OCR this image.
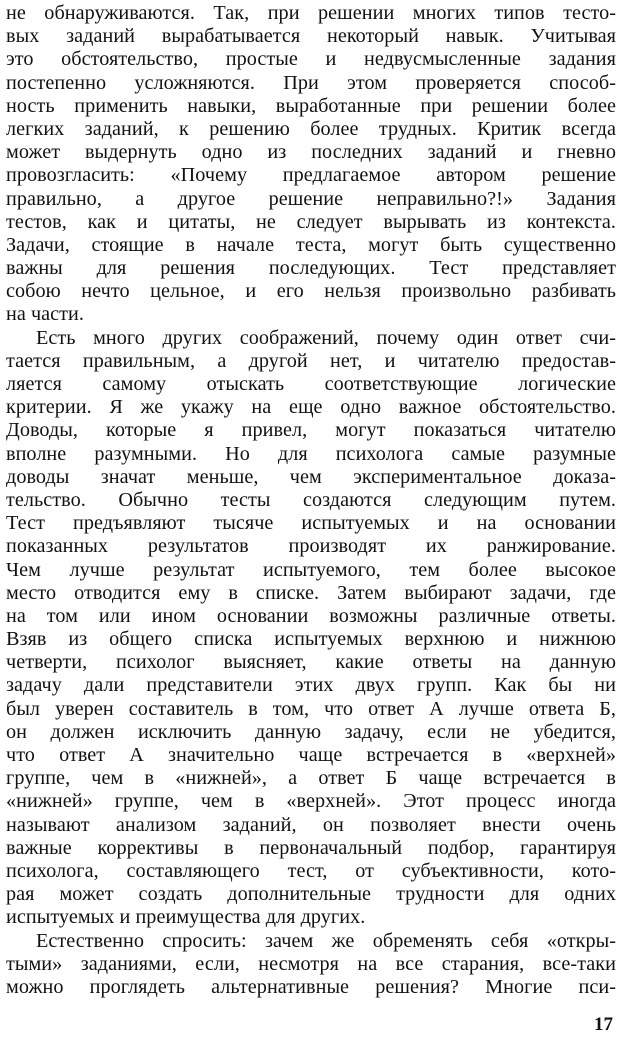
не обнаруживаются. Так, при решении многих типов тесто-
вых заданий вырабатывается некоторый навык. Учитывая
это обстоятельство, простые и недвусмысленные задания
постепенно усложняются. При этом проверяется способ-
ность применить навыки, выработанные при решении более
легких заданий, к решению более трудных. Критик всегда
может выдернуть одно из последних заданий и гневно
провозгласить: «Почему предлагаемое автором решение
правильно, а другое решение неправильно?!» Задания
тестов, как и цитаты, не следует вырывать из контекста.
Задачи, стоящие в начале теста, могут быть существенно
важны для решения последующих. Тест представляет
собою нечто цельное, и его нельзя произвольно разбивать
на части.
Есть много других соображений, почему один ответ счи-
тается правильным, а другой нет, и читателю предостав-
ляется самому отыскать соответствующие логические
критерии. Я же укажу на еще одно важное обстоятельство.
Доводы, которые я привел, могут показаться читателю
вполне разумными. Но для психолога самые разумные
доводы значат меньше, чем экспериментальное доказа-
тельство. Обычно тесты создаются следующим путем.
Тест предъявляют тысяче испытуемых и на основании
показанных результатов производят их ранжирование.
Чем лучше результат испытуемого, тем более высокое
место отводится ему в списке. Затем выбирают задачи, где
на том или ином основании возможны различные ответы.
Взяв из общего списка испытуемых верхнюю и нижнюю
четверти, психолог выясняет, какие ответы на данную
задачу дали представители этих двух групп. Как бы ни
был уверен составитель в том, что ответ А лучше ответа Б,
он должен исключить данную задачу, если не убедится,
что ответ А значительно чаще встречается в «верхней»
группе, чем в «нижней», а ответ Б чаще встречается в
«нижней» группе, чем в «верхней». Этот процесс иногда
называют анализом заданий, он позволяет внести очень
важные коррективы в первоначальный подбор, гарантируя
психолога, составляющего тест, от субъективности, кото-
рая может создать дополнительные трудности для одних
испытуемых и преимущества для других.
Естественно спросить: зачем же обременять себя «откры-
тыми» заданиями, если, несмотря на все старания, все-таки
можно проглядеть альтернативные решения? Многие пси-
17
